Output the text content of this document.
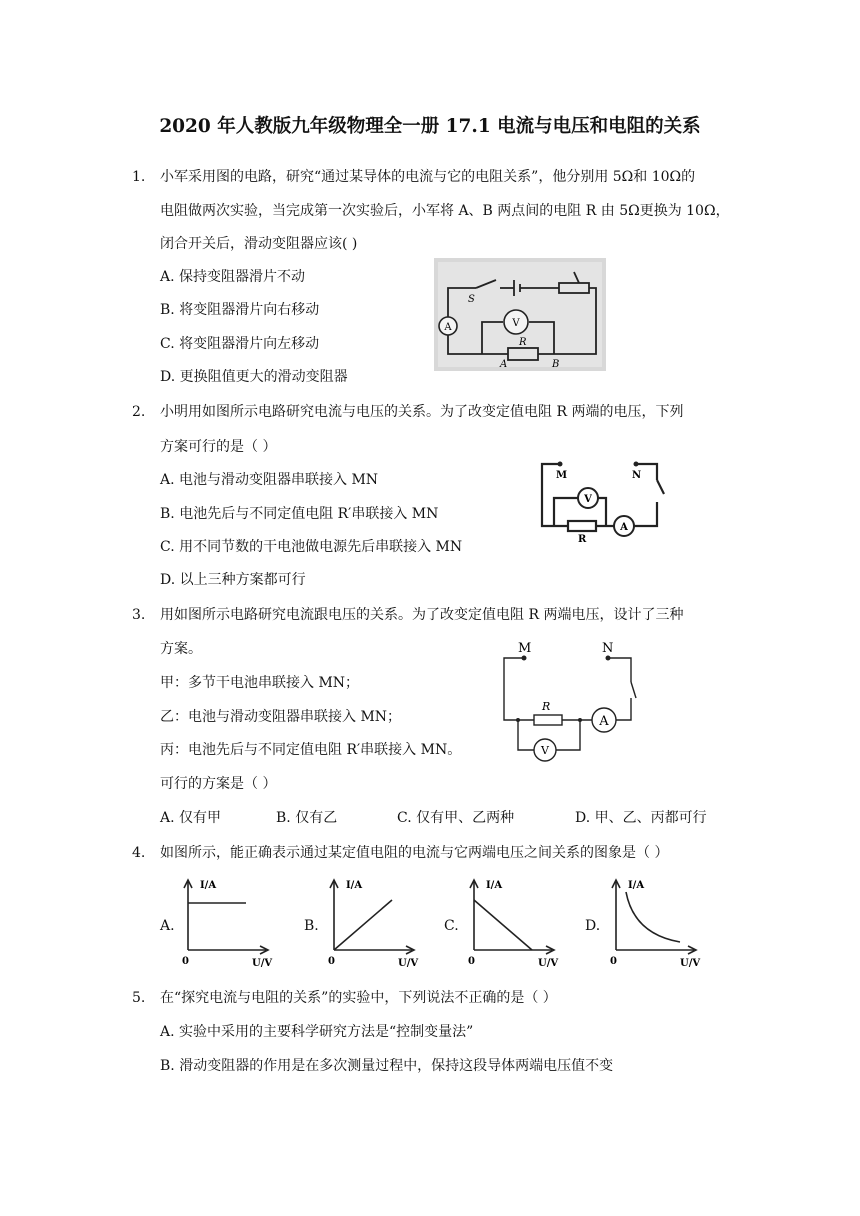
2020 年人教版九年级物理全一册 17.1 电流与电压和电阻的关系
1. 小军采用图的电路，研究“通过某导体的电流与它的电阻关系”，他分别用 5Ω和 10Ω的
电阻做两次实验，当完成第一次实验后，小军将 A、B 两点间的电阻 R 由 5Ω更换为 10Ω，
闭合开关后，滑动变阻器应该( )
A. 保持变阻器滑片不动
B. 将变阻器滑片向右移动
C. 将变阻器滑片向左移动
D. 更换阻值更大的滑动变阻器
A	V
S
R
A	B
2. 小明用如图所示电路研究电流与电压的关系。为了改变定值电阻 R 两端的电压，下列
方案可行的是（ ）
A. 电池与滑动变阻器串联接入 MN
B. 电池先后与不同定值电阻 R′串联接入 MN
C. 用不同节数的干电池做电源先后串联接入 MN
D. 以上三种方案都可行
V
A
M	N
R
3. 用如图所示电路研究电流跟电压的关系。为了改变定值电阻 R 两端电压，设计了三种
方案。
甲：多节干电池串联接入 MN；
乙：电池与滑动变阻器串联接入 MN；
丙：电池先后与不同定值电阻 R′串联接入 MN。
可行的方案是（ ）
A. 仅有甲	B. 仅有乙	C. 仅有甲、乙两种	D. 甲、乙、丙都可行
A
V
M	N
R
4. 如图所示，能正确表示通过某定值电阻的电流与它两端电压之间关系的图象是（ ）
A.	B.	C.	D.
I/A
0	U/V
I/A
0	U/V
I/A
0	U/V
I/A
0	U/V
5. 在“探究电流与电阻的关系”的实验中，下列说法不正确的是（ ）
A. 实验中采用的主要科学研究方法是“控制变量法”
B. 滑动变阻器的作用是在多次测量过程中，保持这段导体两端电压值不变
